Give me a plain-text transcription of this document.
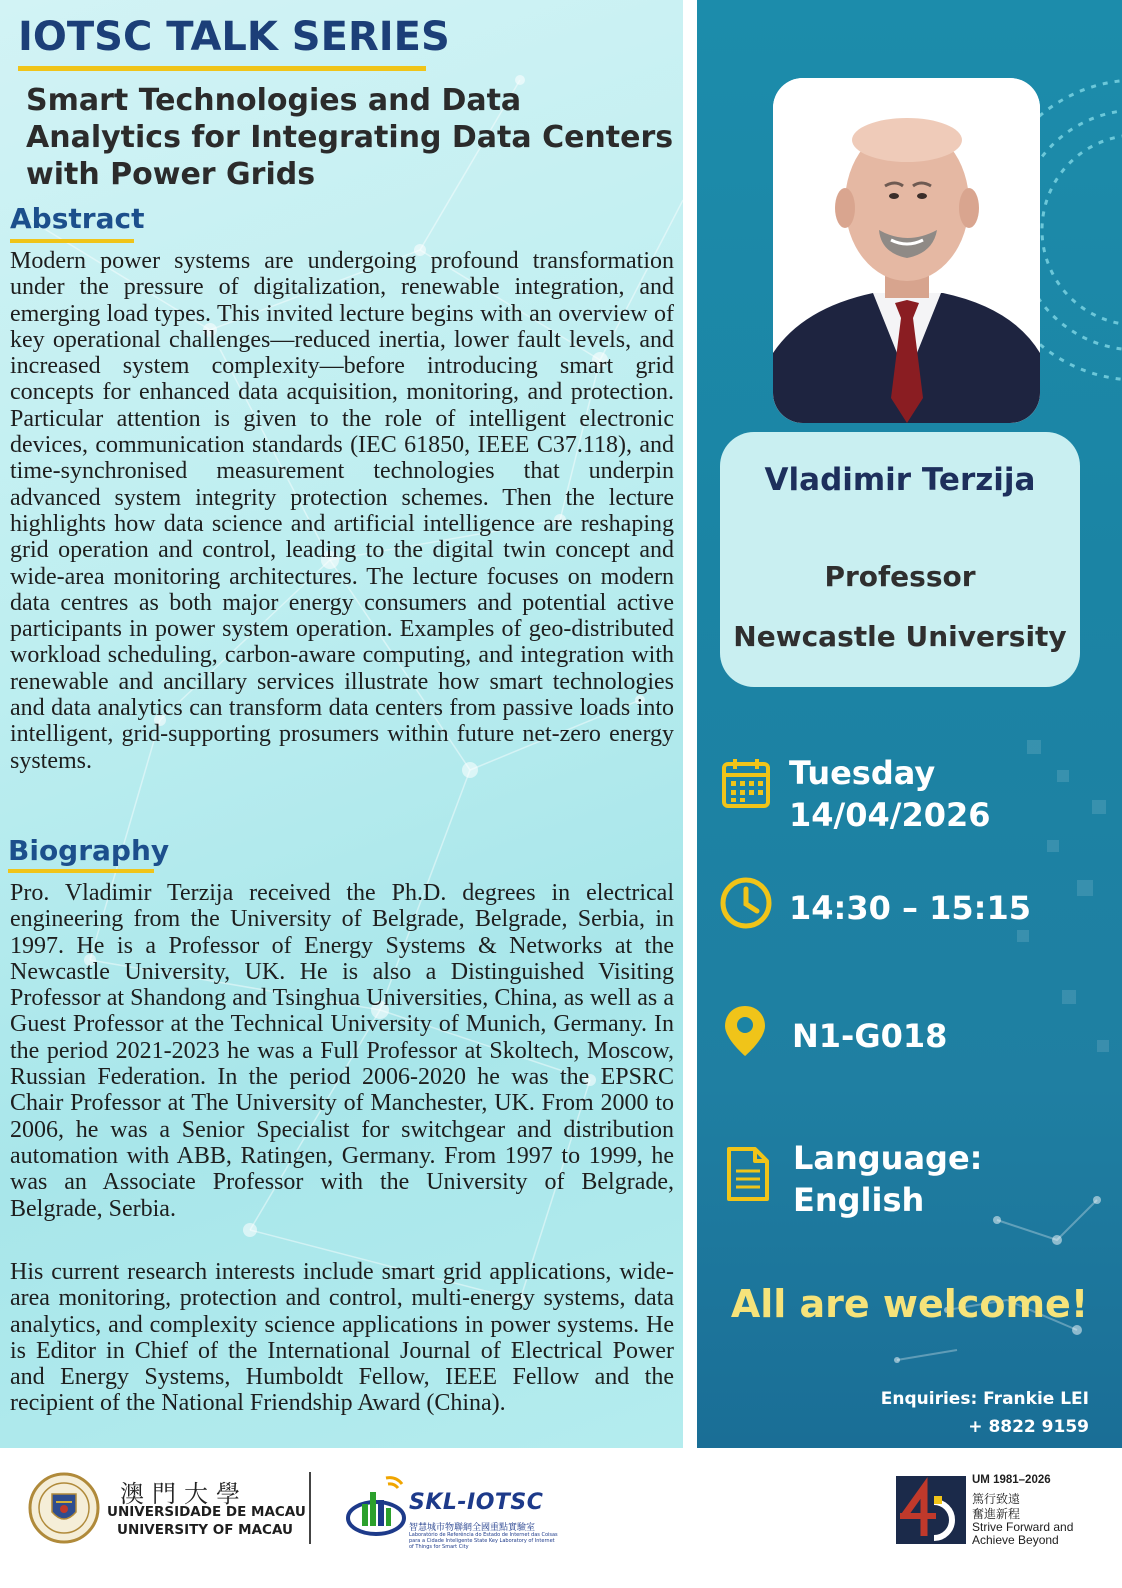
IOTSC TALK SERIES
Smart Technologies and Data Analytics for Integrating Data Centers with Power Grids
Abstract
Modern power systems are undergoing profound transformation under the pressure of digitalization, renewable integration, and emerging load types. This invited lecture begins with an overview of key operational challenges—reduced inertia, lower fault levels, and increased system complexity—before introducing smart grid concepts for enhanced data acquisition, monitoring, and protection. Particular attention is given to the role of intelligent electronic devices, communication standards (IEC 61850, IEEE C37.118), and time-synchronised measurement technologies that underpin advanced system integrity protection schemes. Then the lecture highlights how data science and artificial intelligence are reshaping grid operation and control, leading to the digital twin concept and wide-area monitoring architectures. The lecture focuses on modern data centres as both major energy consumers and potential active participants in power system operation. Examples of geo-distributed workload scheduling, carbon-aware computing, and integration with renewable and ancillary services illustrate how smart technologies and data analytics can transform data centers from passive loads into intelligent, grid-supporting prosumers within future net-zero energy systems.
Biography
Pro. Vladimir Terzija received the Ph.D. degrees in electrical engineering from the University of Belgrade, Belgrade, Serbia, in 1997. He is a Professor of Energy Systems & Networks at the Newcastle University, UK. He is also a Distinguished Visiting Professor at Shandong and Tsinghua Universities, China, as well as a Guest Professor at the Technical University of Munich, Germany. In the period 2021-2023 he was a Full Professor at Skoltech, Moscow, Russian Federation. In the period 2006-2020 he was the EPSRC Chair Professor at The University of Manchester, UK. From 2000 to 2006, he was a Senior Specialist for switchgear and distribution automation with ABB, Ratingen, Germany. From 1997 to 1999, he was an Associate Professor with the University of Belgrade, Belgrade, Serbia.
His current research interests include smart grid applications, wide-area monitoring, protection and control, multi-energy systems, data analytics, and complexity science applications in power systems. He is Editor in Chief of the International Journal of Electrical Power and Energy Systems, Humboldt Fellow, IEEE Fellow and the recipient of the National Friendship Award (China).
Vladimir Terzija
Professor
Newcastle University
Tuesday
14/04/2026
14:30 – 15:15
N1-G018
Language:
English
All are welcome!
Enquiries: Frankie LEI
+ 8822 9159
澳門大學
UNIVERSIDADE DE MACAU
UNIVERSITY OF MACAU
SKL-IOTSC
智慧城市物聯網全國重點實驗室
Laboratório de Referência do Estado de Internet das Coisas para a Cidade Inteligente State Key Laboratory of Internet of Things for Smart City
UM 1981–2026
篤行致遠
奮進新程
Strive Forward and
Achieve Beyond
